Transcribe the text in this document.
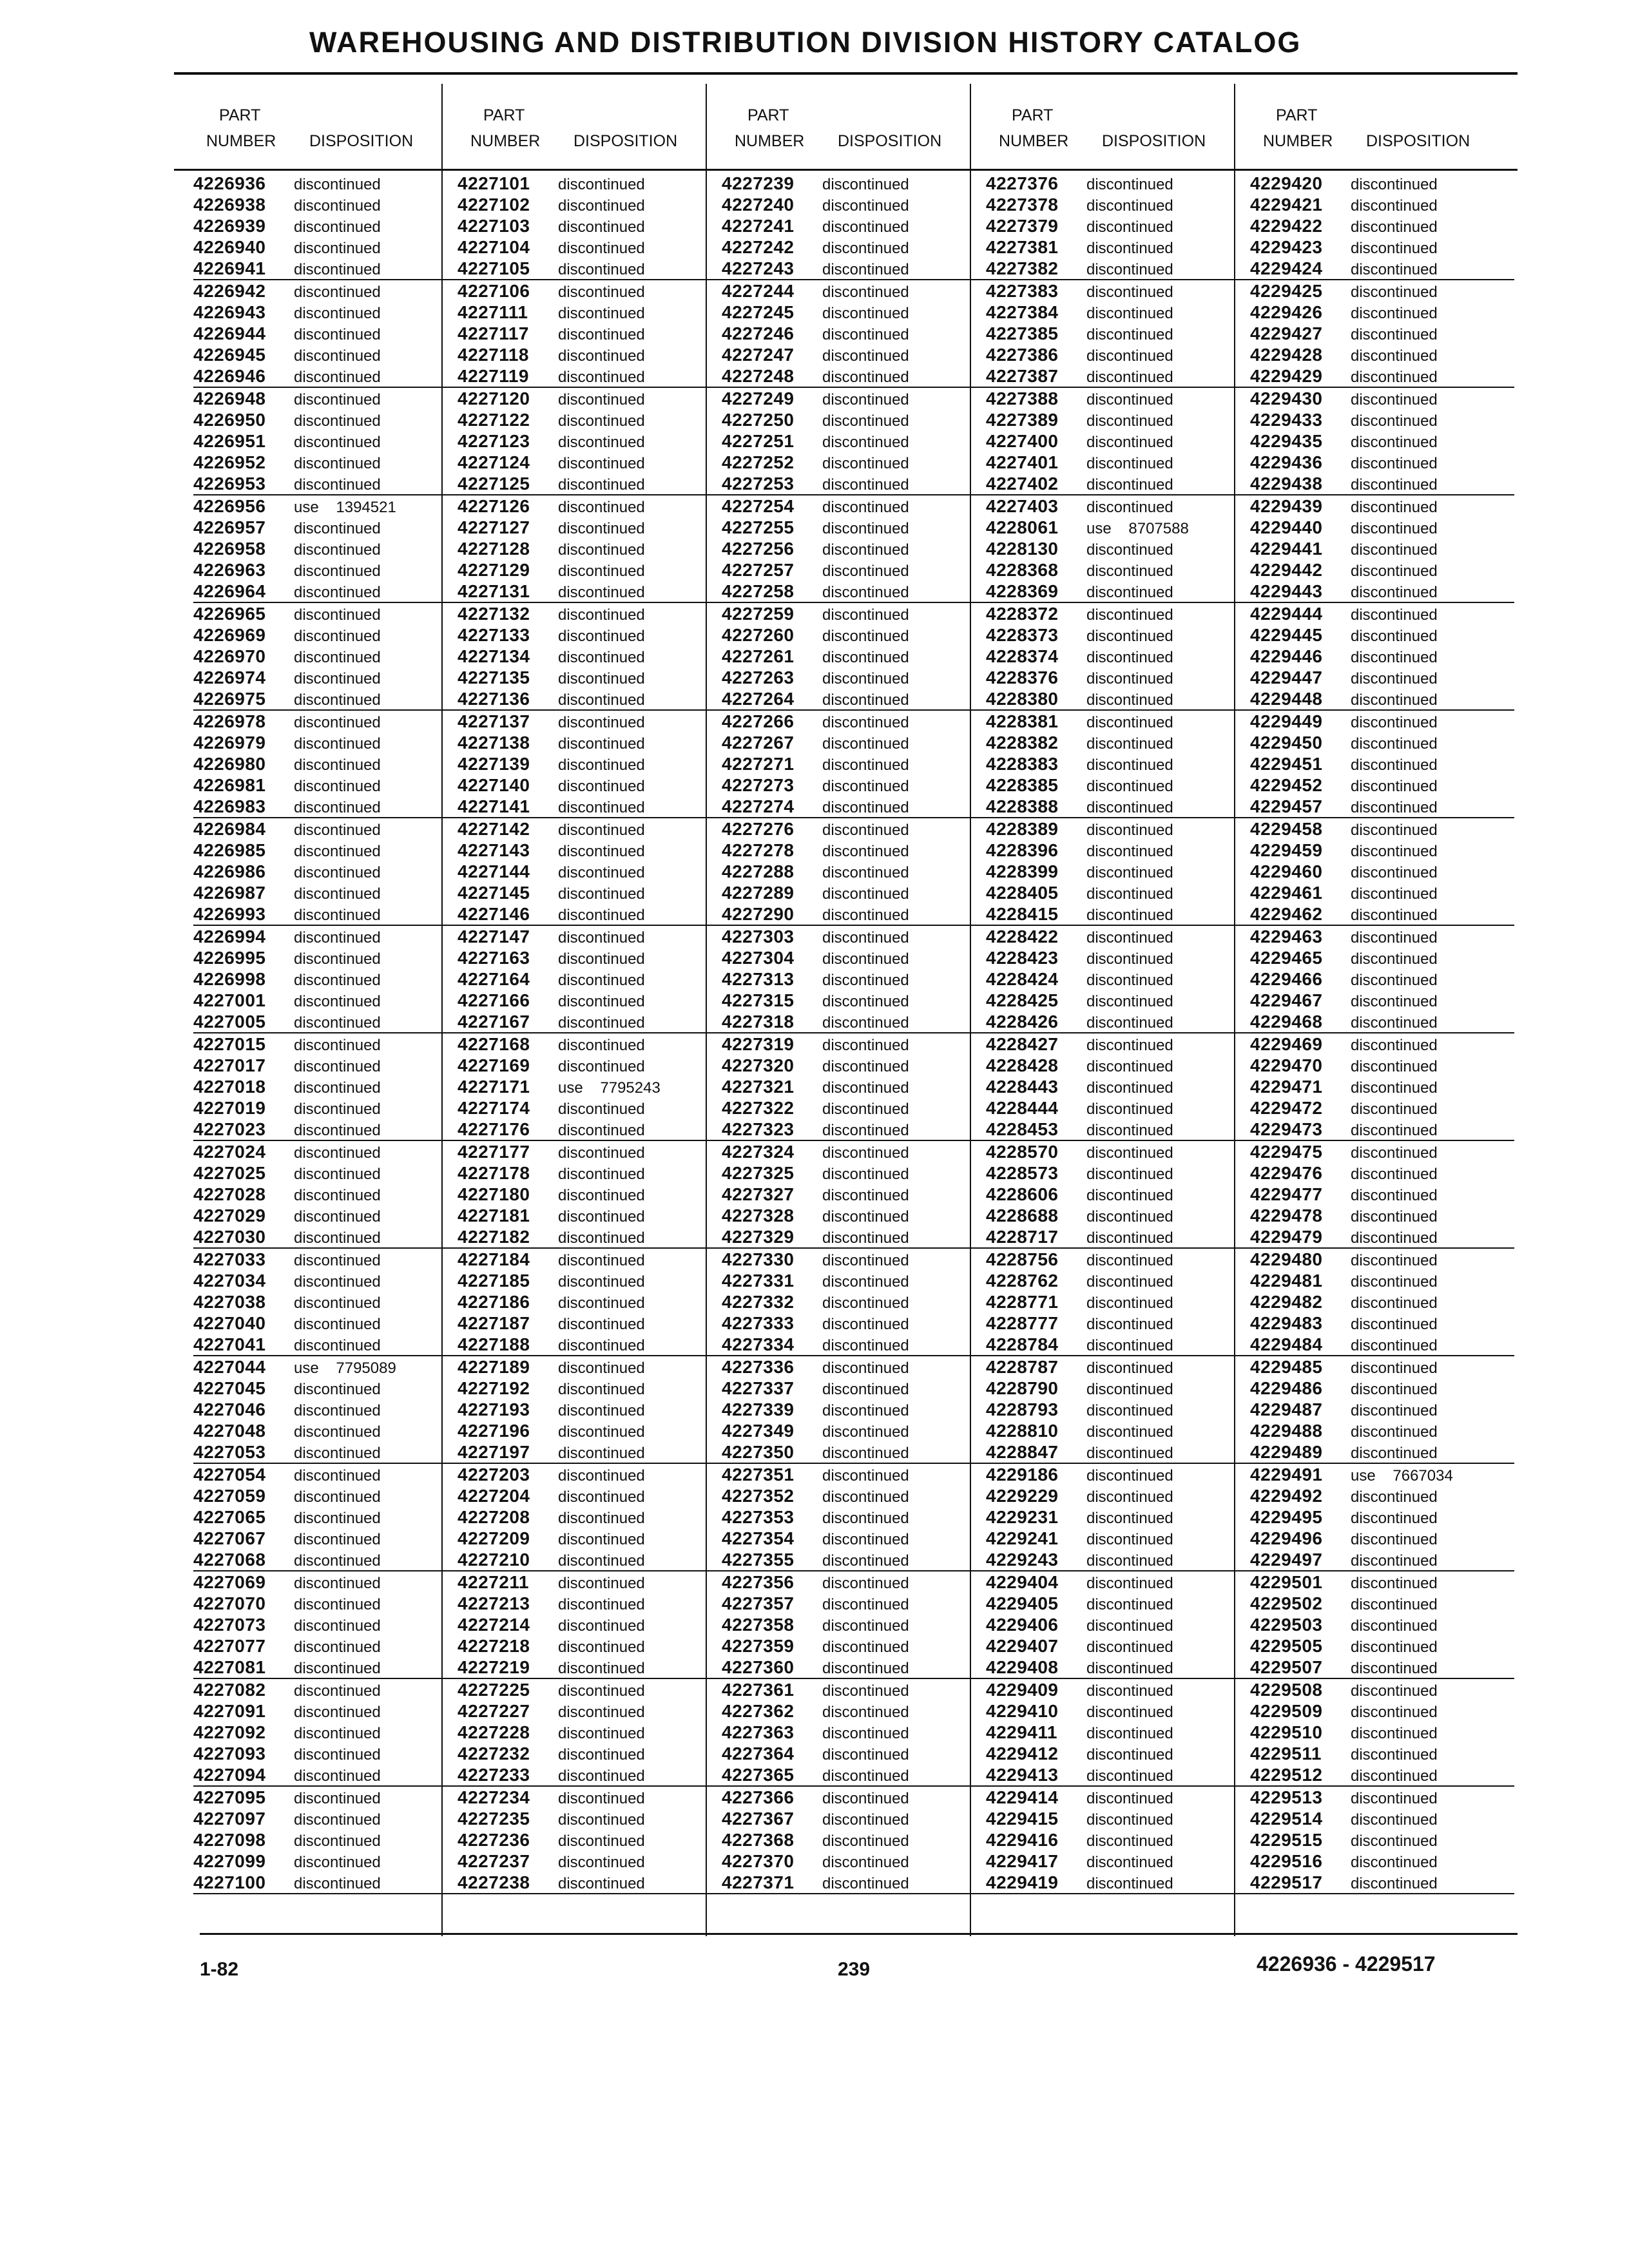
WAREHOUSING AND DISTRIBUTION DIVISION HISTORY CATALOG
PART
NUMBER DISPOSITION
PART
NUMBER DISPOSITION
PART
NUMBER DISPOSITION
PART
NUMBER DISPOSITION
PART
NUMBER DISPOSITION
4226936 discontinued
4226938 discontinued
4226939 discontinued
4226940 discontinued
4226941 discontinued
4226942 discontinued
4226943 discontinued
4226944 discontinued
4226945 discontinued
4226946 discontinued
4226948 discontinued
4226950 discontinued
4226951 discontinued
4226952 discontinued
4226953 discontinued
4226956 use    1394521
4226957 discontinued
4226958 discontinued
4226963 discontinued
4226964 discontinued
4226965 discontinued
4226969 discontinued
4226970 discontinued
4226974 discontinued
4226975 discontinued
4226978 discontinued
4226979 discontinued
4226980 discontinued
4226981 discontinued
4226983 discontinued
4226984 discontinued
4226985 discontinued
4226986 discontinued
4226987 discontinued
4226993 discontinued
4226994 discontinued
4226995 discontinued
4226998 discontinued
4227001 discontinued
4227005 discontinued
4227015 discontinued
4227017 discontinued
4227018 discontinued
4227019 discontinued
4227023 discontinued
4227024 discontinued
4227025 discontinued
4227028 discontinued
4227029 discontinued
4227030 discontinued
4227033 discontinued
4227034 discontinued
4227038 discontinued
4227040 discontinued
4227041 discontinued
4227044 use    7795089
4227045 discontinued
4227046 discontinued
4227048 discontinued
4227053 discontinued
4227054 discontinued
4227059 discontinued
4227065 discontinued
4227067 discontinued
4227068 discontinued
4227069 discontinued
4227070 discontinued
4227073 discontinued
4227077 discontinued
4227081 discontinued
4227082 discontinued
4227091 discontinued
4227092 discontinued
4227093 discontinued
4227094 discontinued
4227095 discontinued
4227097 discontinued
4227098 discontinued
4227099 discontinued
4227100 discontinued
4227101 discontinued
4227102 discontinued
4227103 discontinued
4227104 discontinued
4227105 discontinued
4227106 discontinued
4227111 discontinued
4227117 discontinued
4227118 discontinued
4227119 discontinued
4227120 discontinued
4227122 discontinued
4227123 discontinued
4227124 discontinued
4227125 discontinued
4227126 discontinued
4227127 discontinued
4227128 discontinued
4227129 discontinued
4227131 discontinued
4227132 discontinued
4227133 discontinued
4227134 discontinued
4227135 discontinued
4227136 discontinued
4227137 discontinued
4227138 discontinued
4227139 discontinued
4227140 discontinued
4227141 discontinued
4227142 discontinued
4227143 discontinued
4227144 discontinued
4227145 discontinued
4227146 discontinued
4227147 discontinued
4227163 discontinued
4227164 discontinued
4227166 discontinued
4227167 discontinued
4227168 discontinued
4227169 discontinued
4227171 use    7795243
4227174 discontinued
4227176 discontinued
4227177 discontinued
4227178 discontinued
4227180 discontinued
4227181 discontinued
4227182 discontinued
4227184 discontinued
4227185 discontinued
4227186 discontinued
4227187 discontinued
4227188 discontinued
4227189 discontinued
4227192 discontinued
4227193 discontinued
4227196 discontinued
4227197 discontinued
4227203 discontinued
4227204 discontinued
4227208 discontinued
4227209 discontinued
4227210 discontinued
4227211 discontinued
4227213 discontinued
4227214 discontinued
4227218 discontinued
4227219 discontinued
4227225 discontinued
4227227 discontinued
4227228 discontinued
4227232 discontinued
4227233 discontinued
4227234 discontinued
4227235 discontinued
4227236 discontinued
4227237 discontinued
4227238 discontinued
4227239 discontinued
4227240 discontinued
4227241 discontinued
4227242 discontinued
4227243 discontinued
4227244 discontinued
4227245 discontinued
4227246 discontinued
4227247 discontinued
4227248 discontinued
4227249 discontinued
4227250 discontinued
4227251 discontinued
4227252 discontinued
4227253 discontinued
4227254 discontinued
4227255 discontinued
4227256 discontinued
4227257 discontinued
4227258 discontinued
4227259 discontinued
4227260 discontinued
4227261 discontinued
4227263 discontinued
4227264 discontinued
4227266 discontinued
4227267 discontinued
4227271 discontinued
4227273 discontinued
4227274 discontinued
4227276 discontinued
4227278 discontinued
4227288 discontinued
4227289 discontinued
4227290 discontinued
4227303 discontinued
4227304 discontinued
4227313 discontinued
4227315 discontinued
4227318 discontinued
4227319 discontinued
4227320 discontinued
4227321 discontinued
4227322 discontinued
4227323 discontinued
4227324 discontinued
4227325 discontinued
4227327 discontinued
4227328 discontinued
4227329 discontinued
4227330 discontinued
4227331 discontinued
4227332 discontinued
4227333 discontinued
4227334 discontinued
4227336 discontinued
4227337 discontinued
4227339 discontinued
4227349 discontinued
4227350 discontinued
4227351 discontinued
4227352 discontinued
4227353 discontinued
4227354 discontinued
4227355 discontinued
4227356 discontinued
4227357 discontinued
4227358 discontinued
4227359 discontinued
4227360 discontinued
4227361 discontinued
4227362 discontinued
4227363 discontinued
4227364 discontinued
4227365 discontinued
4227366 discontinued
4227367 discontinued
4227368 discontinued
4227370 discontinued
4227371 discontinued
4227376 discontinued
4227378 discontinued
4227379 discontinued
4227381 discontinued
4227382 discontinued
4227383 discontinued
4227384 discontinued
4227385 discontinued
4227386 discontinued
4227387 discontinued
4227388 discontinued
4227389 discontinued
4227400 discontinued
4227401 discontinued
4227402 discontinued
4227403 discontinued
4228061 use    8707588
4228130 discontinued
4228368 discontinued
4228369 discontinued
4228372 discontinued
4228373 discontinued
4228374 discontinued
4228376 discontinued
4228380 discontinued
4228381 discontinued
4228382 discontinued
4228383 discontinued
4228385 discontinued
4228388 discontinued
4228389 discontinued
4228396 discontinued
4228399 discontinued
4228405 discontinued
4228415 discontinued
4228422 discontinued
4228423 discontinued
4228424 discontinued
4228425 discontinued
4228426 discontinued
4228427 discontinued
4228428 discontinued
4228443 discontinued
4228444 discontinued
4228453 discontinued
4228570 discontinued
4228573 discontinued
4228606 discontinued
4228688 discontinued
4228717 discontinued
4228756 discontinued
4228762 discontinued
4228771 discontinued
4228777 discontinued
4228784 discontinued
4228787 discontinued
4228790 discontinued
4228793 discontinued
4228810 discontinued
4228847 discontinued
4229186 discontinued
4229229 discontinued
4229231 discontinued
4229241 discontinued
4229243 discontinued
4229404 discontinued
4229405 discontinued
4229406 discontinued
4229407 discontinued
4229408 discontinued
4229409 discontinued
4229410 discontinued
4229411 discontinued
4229412 discontinued
4229413 discontinued
4229414 discontinued
4229415 discontinued
4229416 discontinued
4229417 discontinued
4229419 discontinued
4229420 discontinued
4229421 discontinued
4229422 discontinued
4229423 discontinued
4229424 discontinued
4229425 discontinued
4229426 discontinued
4229427 discontinued
4229428 discontinued
4229429 discontinued
4229430 discontinued
4229433 discontinued
4229435 discontinued
4229436 discontinued
4229438 discontinued
4229439 discontinued
4229440 discontinued
4229441 discontinued
4229442 discontinued
4229443 discontinued
4229444 discontinued
4229445 discontinued
4229446 discontinued
4229447 discontinued
4229448 discontinued
4229449 discontinued
4229450 discontinued
4229451 discontinued
4229452 discontinued
4229457 discontinued
4229458 discontinued
4229459 discontinued
4229460 discontinued
4229461 discontinued
4229462 discontinued
4229463 discontinued
4229465 discontinued
4229466 discontinued
4229467 discontinued
4229468 discontinued
4229469 discontinued
4229470 discontinued
4229471 discontinued
4229472 discontinued
4229473 discontinued
4229475 discontinued
4229476 discontinued
4229477 discontinued
4229478 discontinued
4229479 discontinued
4229480 discontinued
4229481 discontinued
4229482 discontinued
4229483 discontinued
4229484 discontinued
4229485 discontinued
4229486 discontinued
4229487 discontinued
4229488 discontinued
4229489 discontinued
4229491 use    7667034
4229492 discontinued
4229495 discontinued
4229496 discontinued
4229497 discontinued
4229501 discontinued
4229502 discontinued
4229503 discontinued
4229505 discontinued
4229507 discontinued
4229508 discontinued
4229509 discontinued
4229510 discontinued
4229511 discontinued
4229512 discontinued
4229513 discontinued
4229514 discontinued
4229515 discontinued
4229516 discontinued
4229517 discontinued
1-82	239	4226936 - 4229517
